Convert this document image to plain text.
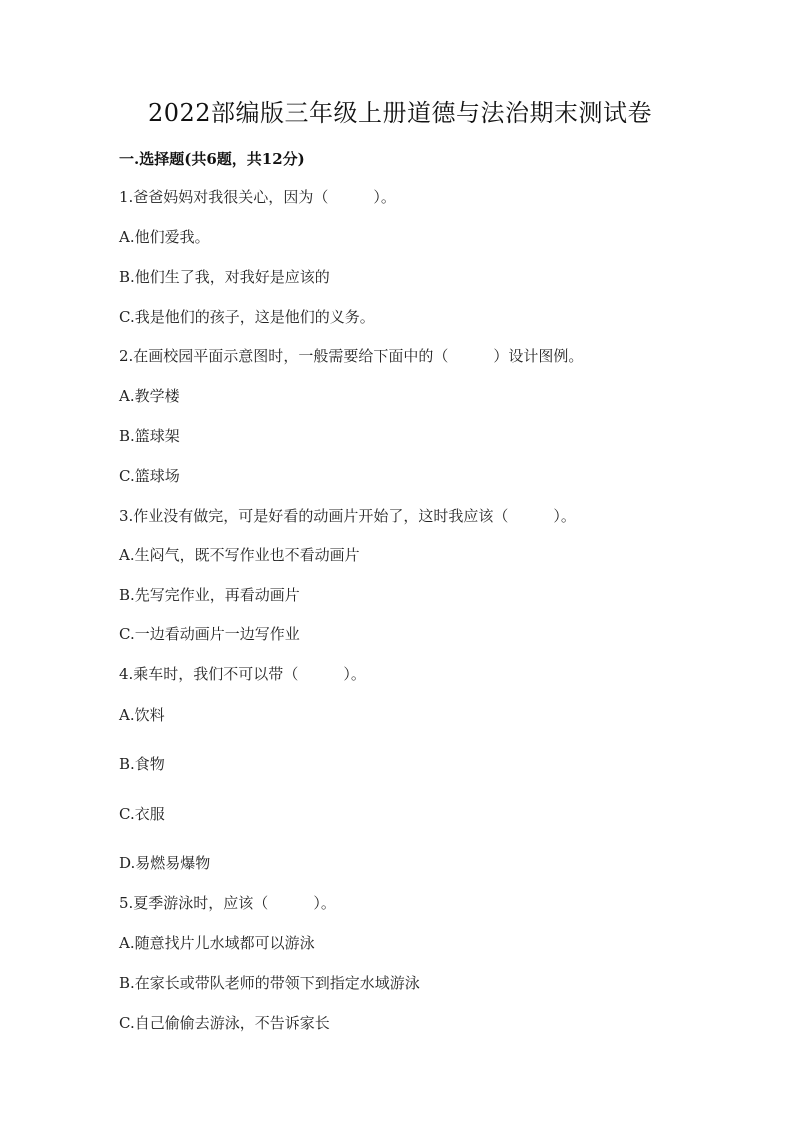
2022部编版三年级上册道德与法治期末测试卷
一.选择题(共6题，共12分)
1.爸爸妈妈对我很关心，因为（　　　）。
A.他们爱我。
B.他们生了我，对我好是应该的
C.我是他们的孩子，这是他们的义务。
2.在画校园平面示意图时，一般需要给下面中的（　　　）设计图例。
A.教学楼
B.篮球架
C.篮球场
3.作业没有做完，可是好看的动画片开始了，这时我应该（　　　）。
A.生闷气，既不写作业也不看动画片
B.先写完作业，再看动画片
C.一边看动画片一边写作业
4.乘车时，我们不可以带（　　　）。
A.饮料
B.食物
C.衣服
D.易燃易爆物
5.夏季游泳时，应该（　　　）。
A.随意找片儿水域都可以游泳
B.在家长或带队老师的带领下到指定水域游泳
C.自己偷偷去游泳，不告诉家长
